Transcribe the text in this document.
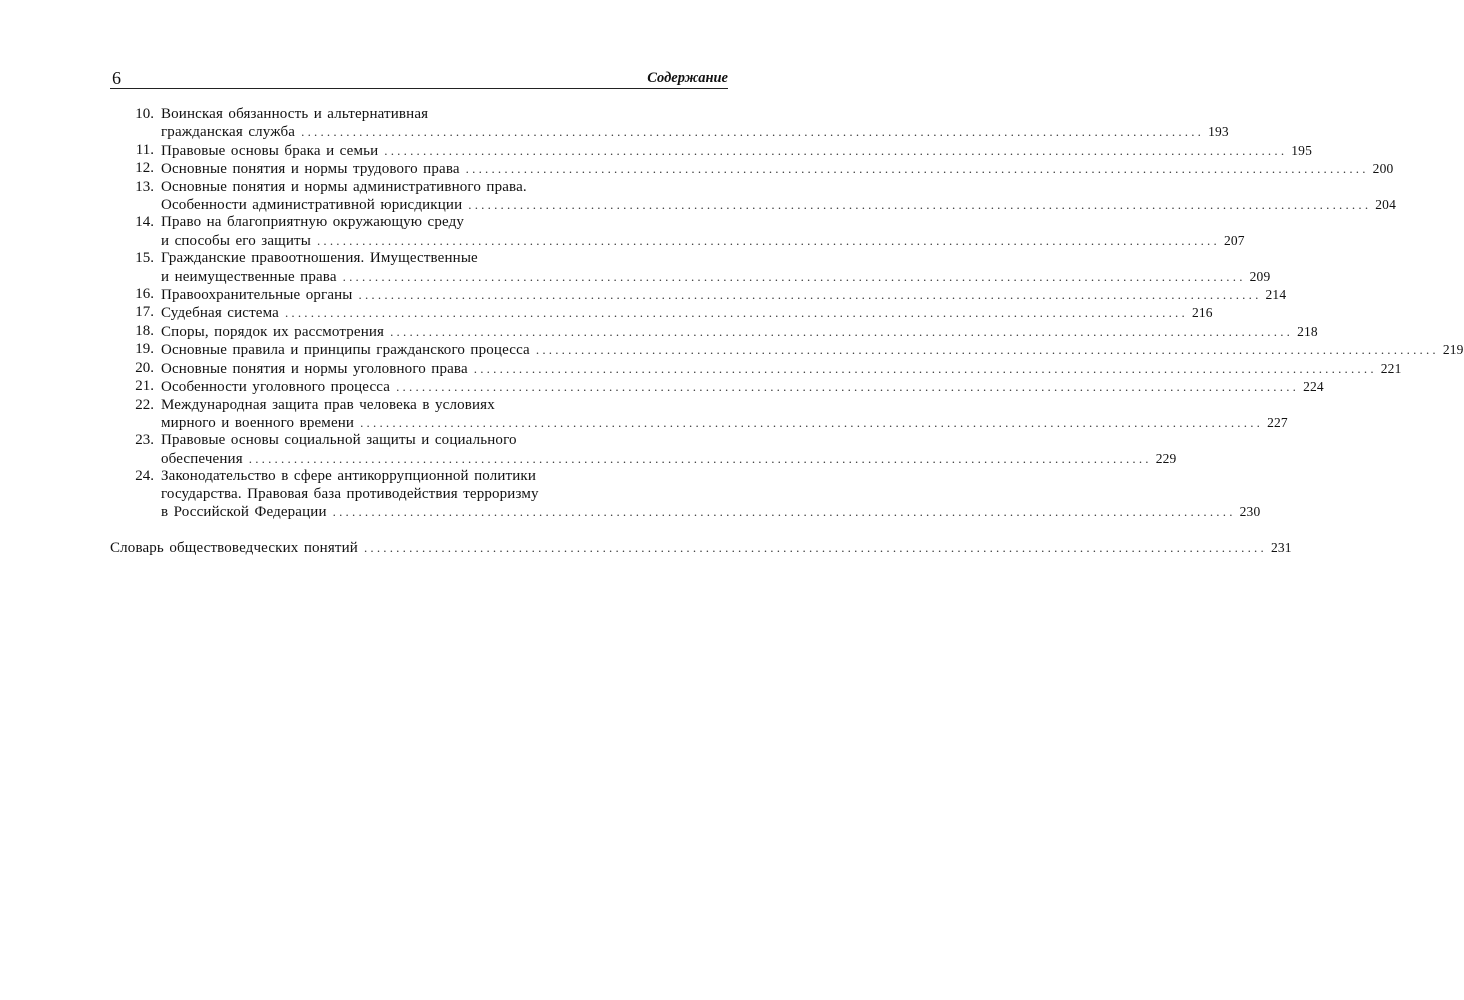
6	Содержание
10. Воинская обязанность и альтернативная
гражданская служба ............................................................................................................................................ 193
11. Правовые основы брака и семьи ............................................................................................................................................ 195
12. Основные понятия и нормы трудового права ............................................................................................................................................ 200
13. Основные понятия и нормы административного права.
Особенности административной юрисдикции ............................................................................................................................................ 204
14. Право на благоприятную окружающую среду
и способы его защиты ............................................................................................................................................ 207
15. Гражданские правоотношения. Имущественные
и неимущественные права ............................................................................................................................................ 209
16. Правоохранительные органы ............................................................................................................................................ 214
17. Судебная система ............................................................................................................................................ 216
18. Споры, порядок их рассмотрения ............................................................................................................................................ 218
19. Основные правила и принципы гражданского процесса ............................................................................................................................................ 219
20. Основные понятия и нормы уголовного права ............................................................................................................................................ 221
21. Особенности уголовного процесса ............................................................................................................................................ 224
22. Международная защита прав человека в условиях
мирного и военного времени ............................................................................................................................................ 227
23. Правовые основы социальной защиты и социального
обеспечения ............................................................................................................................................ 229
24. Законодательство в сфере антикоррупционной политики
государства. Правовая база противодействия терроризму
в Российской Федерации ............................................................................................................................................ 230
Словарь обществоведческих понятий ............................................................................................................................................ 231
